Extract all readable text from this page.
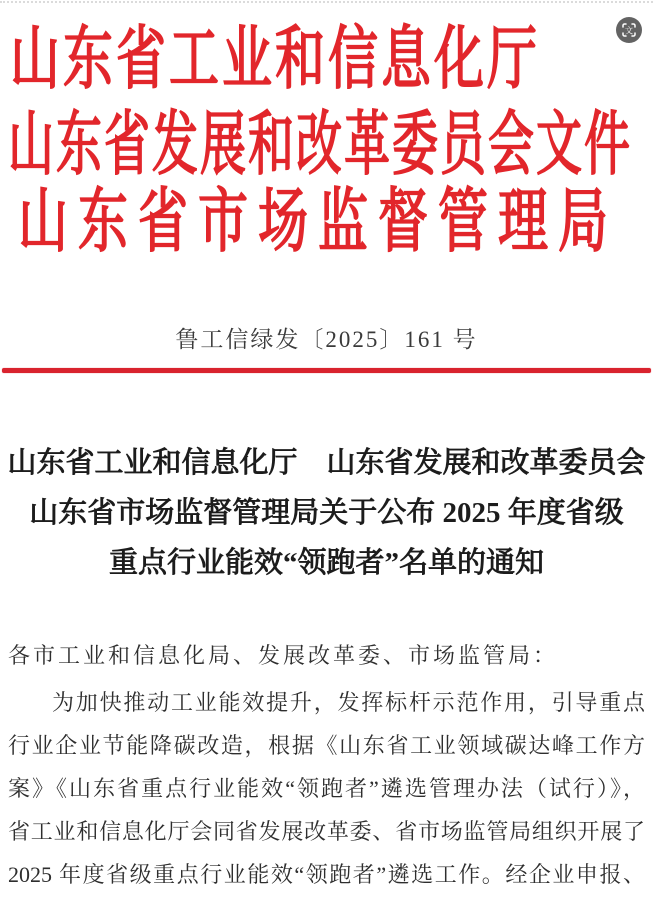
山东省工业和信息化厅
山东省发展和改革委员会文件
山东省市场监督管理局
鲁工信绿发〔2025〕161 号
山东省工业和信息化厅　山东省发展和改革委员会
山东省市场监督管理局关于公布 2025 年度省级
重点行业能效“领跑者”名单的通知
各市工业和信息化局、发展改革委、市场监管局：
为加快推动工业能效提升，发挥标杆示范作用，引导重点
行业企业节能降碳改造，根据《山东省工业领域碳达峰工作方
案》《山东省重点行业能效“领跑者”遴选管理办法（试行）》，
省工业和信息化厅会同省发展改革委、省市场监管局组织开展了
2025 年度省级重点行业能效“领跑者”遴选工作。经企业申报、
文
